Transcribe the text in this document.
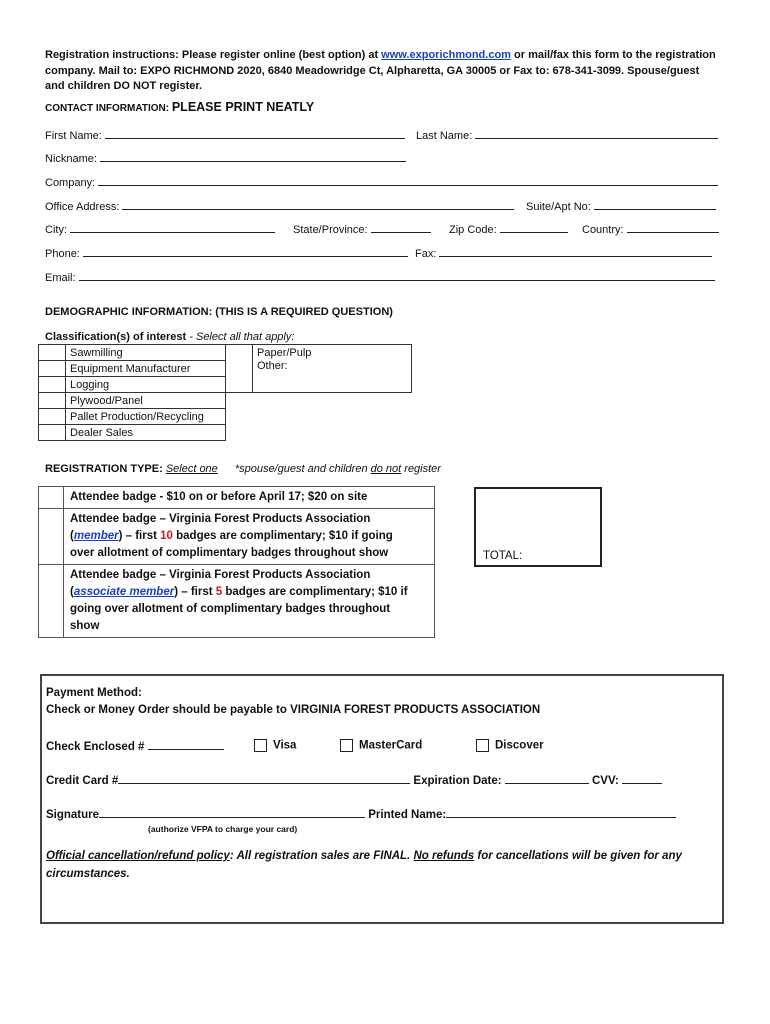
Registration instructions: Please register online (best option) at www.exporichmond.com or mail/fax this form to the registration
company. Mail to: EXPO RICHMOND 2020, 6840 Meadowridge Ct, Alpharetta, GA 30005 or Fax to: 678-341-3099. Spouse/guest
and children DO NOT register.
CONTACT INFORMATION: PLEASE PRINT NEATLY
First Name:	Last Name:
Nickname:
Company:
Office Address:	Suite/Apt No:
City:	State/Province:	Zip Code:	Country:
Phone:	Fax:
Email:
DEMOGRAPHIC INFORMATION: (THIS IS A REQUIRED QUESTION)
Classification(s) of interest - Select all that apply:
	Sawmilling
	Equipment Manufacturer
	Logging
	Plywood/Panel
	Pallet Production/Recycling
	Dealer Sales
	Paper/Pulp
	Other:
REGISTRATION TYPE: Select one *spouse/guest and children do not register
	Attendee badge - $10 on or before April 17; $20 on site
	Attendee badge – Virginia Forest Products Association
(member) – first 10 badges are complimentary; $10 if going
over allotment of complimentary badges throughout show
	Attendee badge – Virginia Forest Products Association
(associate member) – first 5 badges are complimentary; $10 if
going over allotment of complimentary badges throughout
show
TOTAL:
Payment Method:
Check or Money Order should be payable to VIRGINIA FOREST PRODUCTS ASSOCIATION
Check Enclosed #	Visa	MasterCard	Discover
Credit Card #	Expiration Date:	CVV:
Signature	Printed Name:
(authorize VFPA to charge your card)
Official cancellation/refund policy: All registration sales are FINAL. No refunds for cancellations will be given for any
circumstances.
